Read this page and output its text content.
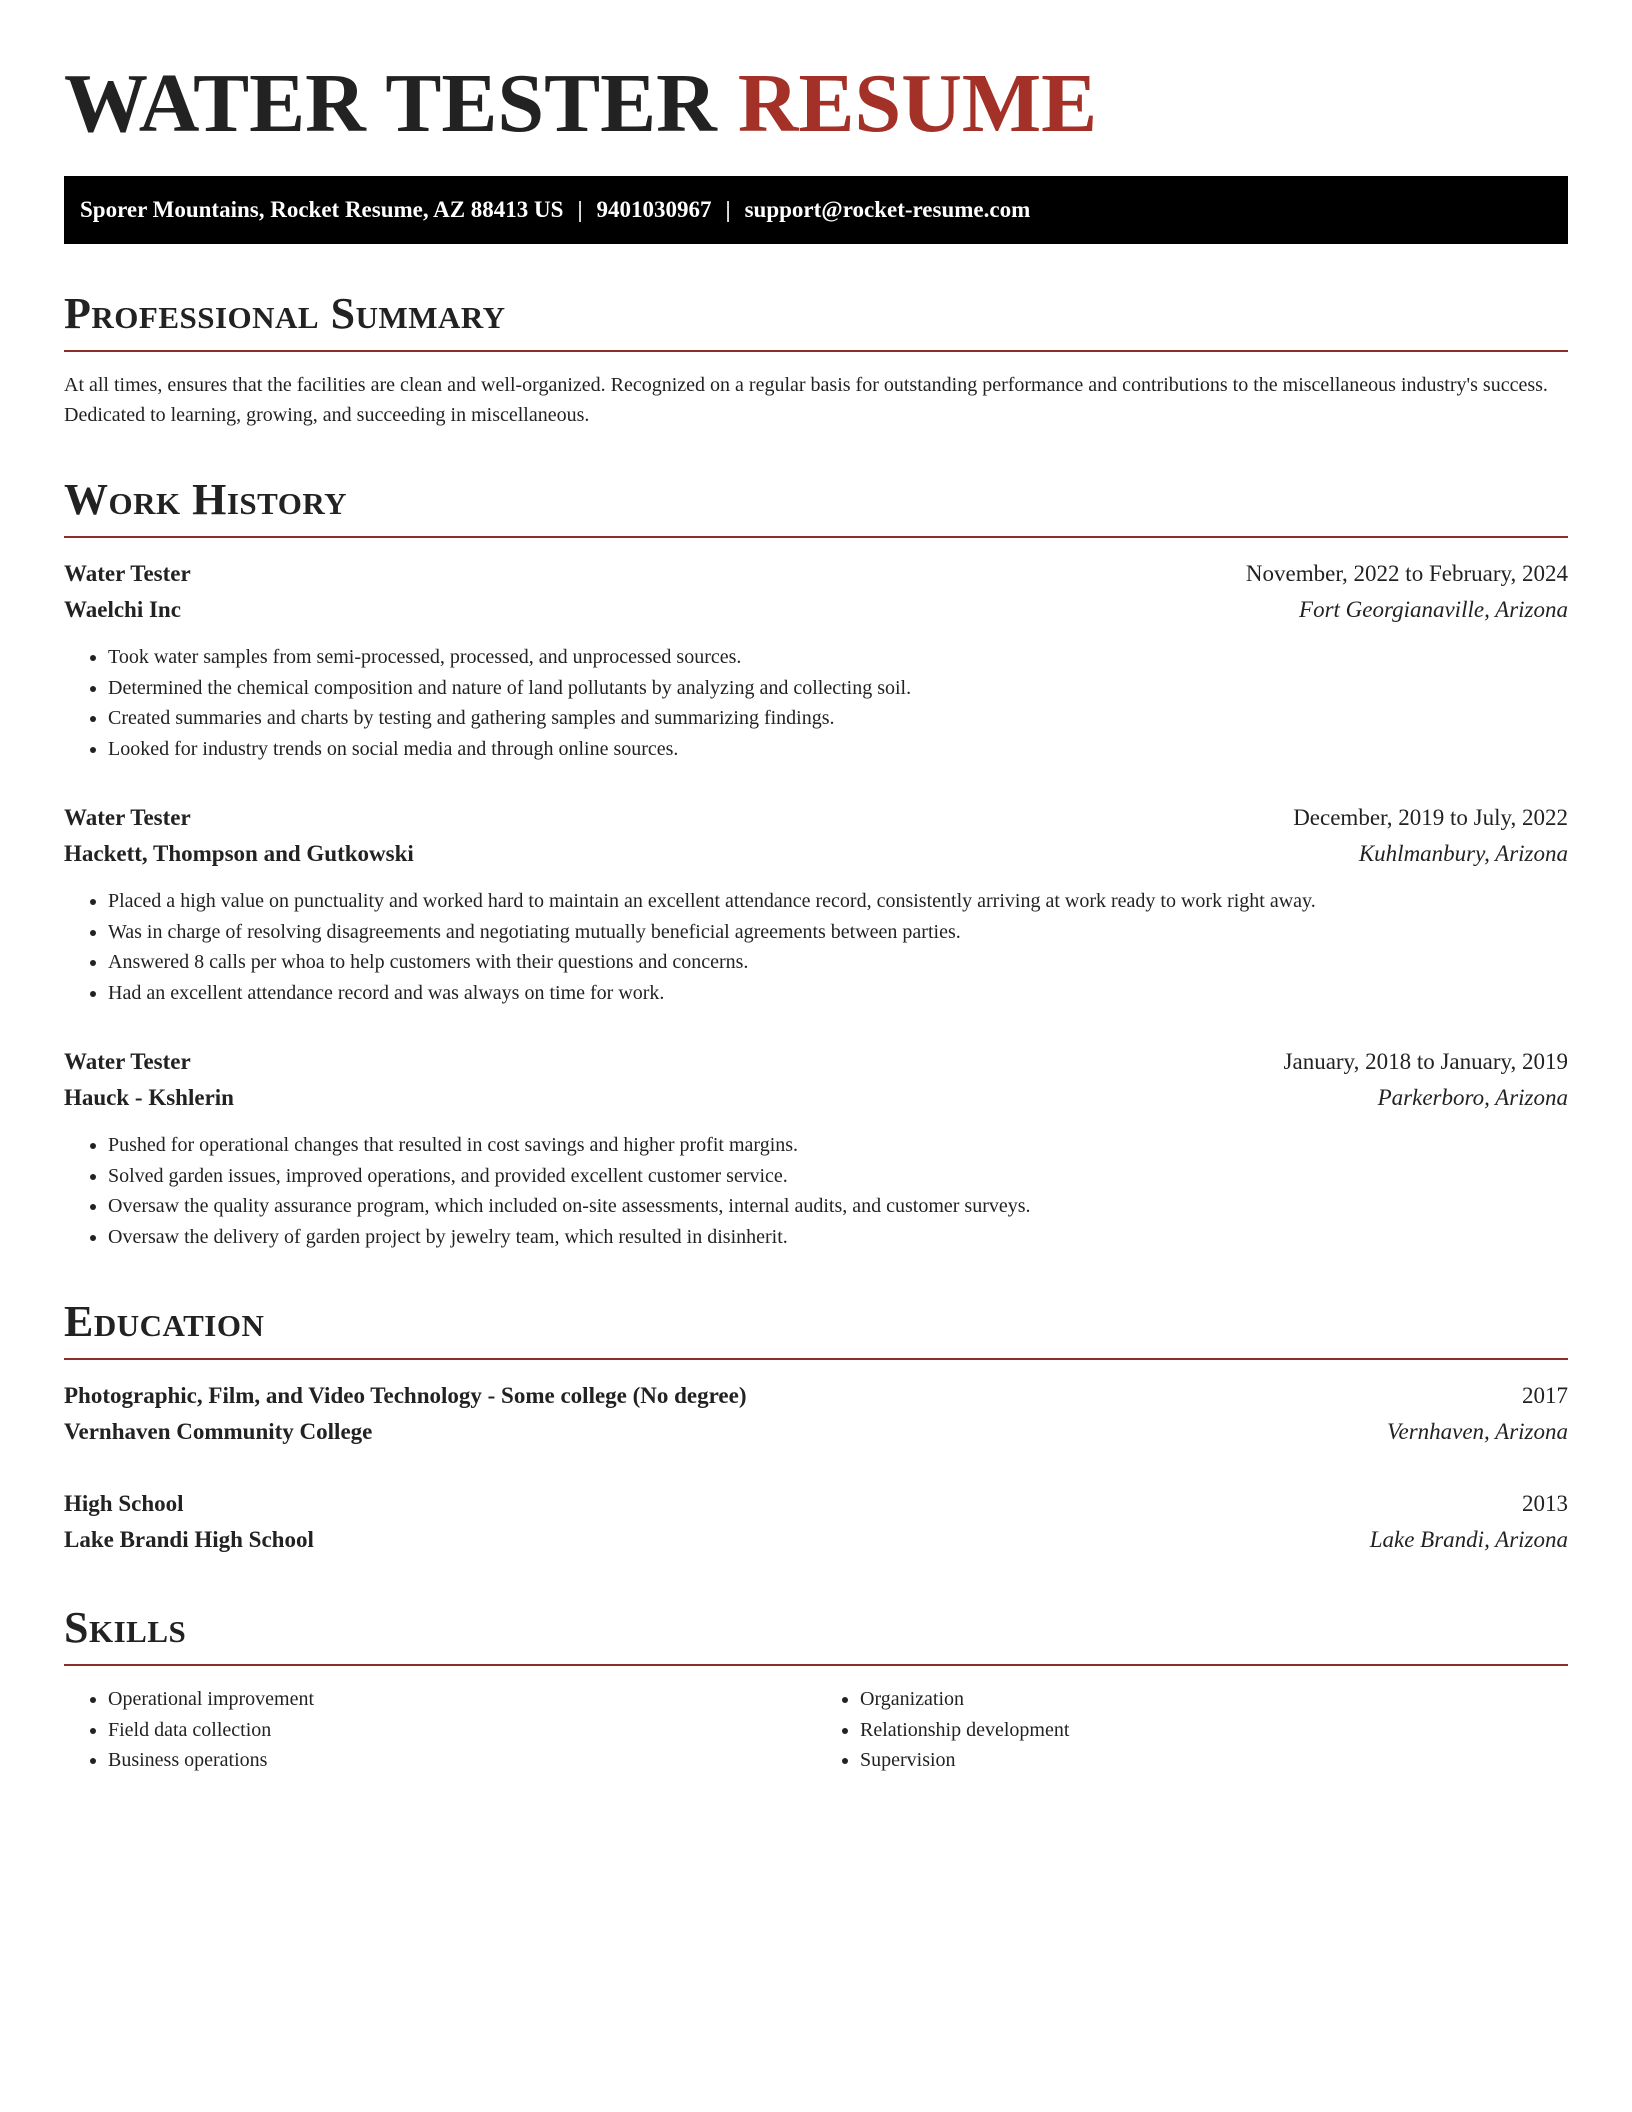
WATER TESTER RESUME
Sporer Mountains, Rocket Resume, AZ 88413 US | 9401030967 | support@rocket-resume.com
Professional Summary

At all times, ensures that the facilities are clean and well-organized. Recognized on a regular basis for outstanding performance and contributions to the miscellaneous industry's success. Dedicated to learning, growing, and succeeding in miscellaneous.

Work History
Water Tester	November, 2022 to February, 2024
Waelchi Inc	Fort Georgianaville, Arizona
• Took water samples from semi-processed, processed, and unprocessed sources.
• Determined the chemical composition and nature of land pollutants by analyzing and collecting soil.
• Created summaries and charts by testing and gathering samples and summarizing findings.
• Looked for industry trends on social media and through online sources.
Water Tester	December, 2019 to July, 2022
Hackett, Thompson and Gutkowski	Kuhlmanbury, Arizona
• Placed a high value on punctuality and worked hard to maintain an excellent attendance record, consistently arriving at work ready to work right away.
• Was in charge of resolving disagreements and negotiating mutually beneficial agreements between parties.
• Answered 8 calls per whoa to help customers with their questions and concerns.
• Had an excellent attendance record and was always on time for work.
Water Tester	January, 2018 to January, 2019
Hauck - Kshlerin	Parkerboro, Arizona
• Pushed for operational changes that resulted in cost savings and higher profit margins.
• Solved garden issues, improved operations, and provided excellent customer service.
• Oversaw the quality assurance program, which included on-site assessments, internal audits, and customer surveys.
• Oversaw the delivery of garden project by jewelry team, which resulted in disinherit.
Education
Photographic, Film, and Video Technology - Some college (No degree)	2017
Vernhaven Community College	Vernhaven, Arizona
High School	2013
Lake Brandi High School	Lake Brandi, Arizona
Skills
• Operational improvement
• Field data collection
• Business operations
• Organization
• Relationship development
• Supervision
